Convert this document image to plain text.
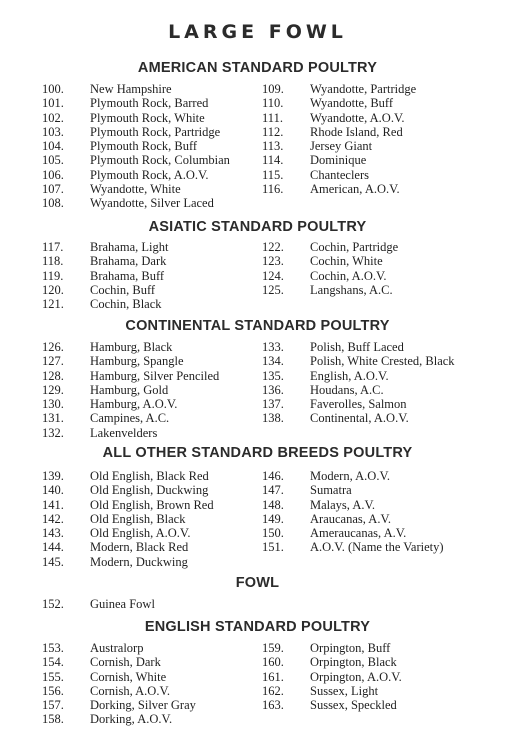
LARGE FOWL
AMERICAN STANDARD POULTRY
100.	New Hampshire
101.	Plymouth Rock, Barred
102.	Plymouth Rock, White
103.	Plymouth Rock, Partridge
104.	Plymouth Rock, Buff
105.	Plymouth Rock, Columbian
106.	Plymouth Rock, A.O.V.
107.	Wyandotte, White
108.	Wyandotte, Silver Laced
109.	Wyandotte, Partridge
110.	Wyandotte, Buff
111.	Wyandotte, A.O.V.
112.	Rhode Island, Red
113.	Jersey Giant
114.	Dominique
115.	Chanteclers
116.	American, A.O.V.
ASIATIC STANDARD POULTRY
117.	Brahama, Light
118.	Brahama, Dark
119.	Brahama, Buff
120.	Cochin, Buff
121.	Cochin, Black
122.	Cochin, Partridge
123.	Cochin, White
124.	Cochin, A.O.V.
125.	Langshans, A.C.
CONTINENTAL STANDARD POULTRY
126.	Hamburg, Black
127.	Hamburg, Spangle
128.	Hamburg, Silver Penciled
129.	Hamburg, Gold
130.	Hamburg, A.O.V.
131.	Campines, A.C.
132.	Lakenvelders
133.	Polish, Buff Laced
134.	Polish, White Crested, Black
135.	English, A.O.V.
136.	Houdans, A.C.
137.	Faverolles, Salmon
138.	Continental, A.O.V.
ALL OTHER STANDARD BREEDS POULTRY
139.	Old English, Black Red
140.	Old English, Duckwing
141.	Old English, Brown Red
142.	Old English, Black
143.	Old English, A.O.V.
144.	Modern, Black Red
145.	Modern, Duckwing
146.	Modern, A.O.V.
147.	Sumatra
148.	Malays, A.V.
149.	Araucanas, A.V.
150.	Ameraucanas, A.V.
151.	A.O.V. (Name the Variety)
FOWL
152.	Guinea Fowl
ENGLISH STANDARD POULTRY
153.	Australorp
154.	Cornish, Dark
155.	Cornish, White
156.	Cornish, A.O.V.
157.	Dorking, Silver Gray
158.	Dorking, A.O.V.
159.	Orpington, Buff
160.	Orpington, Black
161.	Orpington, A.O.V.
162.	Sussex, Light
163.	Sussex, Speckled
